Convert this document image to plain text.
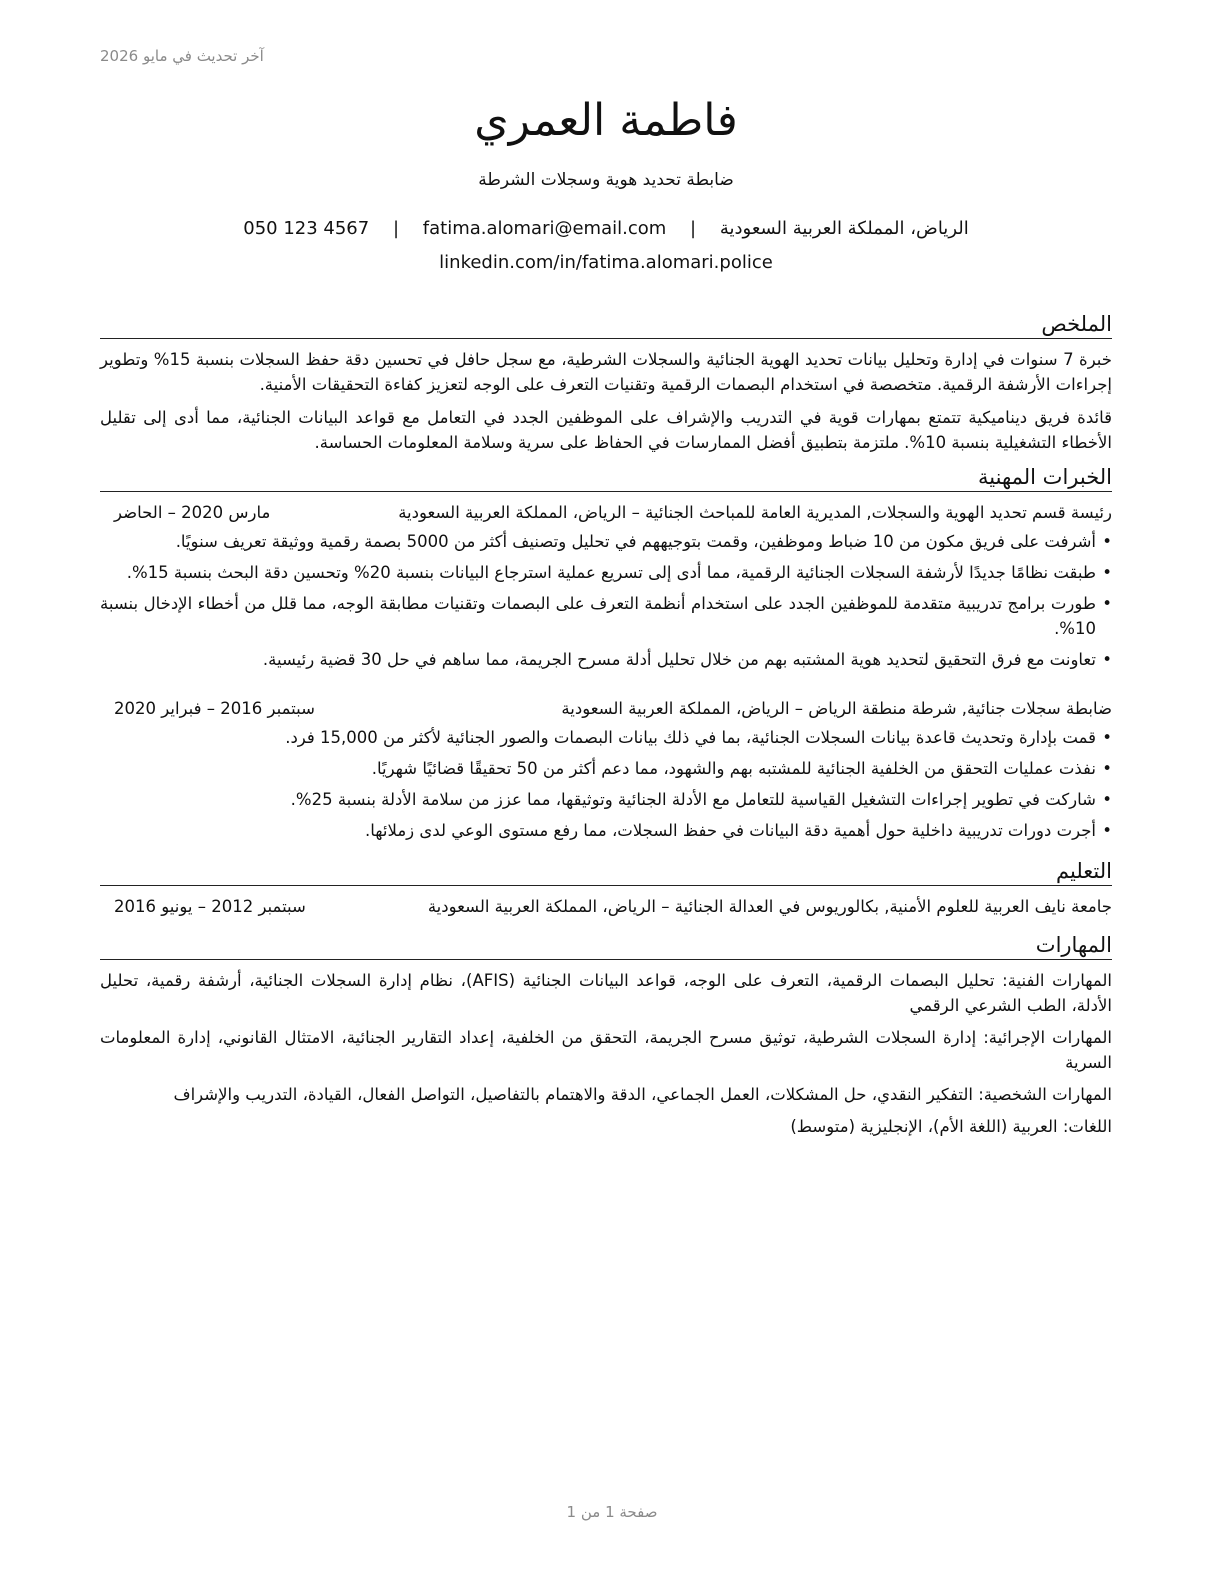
آخر تحديث في مايو 2026
فاطمة العمري
ضابطة تحديد هوية وسجلات الشرطة
الرياض، المملكة العربية السعودية | fatima.alomari@email.com | 050 123 4567
linkedin.com/in/fatima.alomari.police
الملخص

خبرة 7 سنوات في إدارة وتحليل بيانات تحديد الهوية الجنائية والسجلات الشرطية، مع سجل حافل في تحسين دقة حفظ السجلات بنسبة 15% وتطوير إجراءات الأرشفة الرقمية. متخصصة في استخدام البصمات الرقمية وتقنيات التعرف على الوجه لتعزيز كفاءة التحقيقات الأمنية.

قائدة فريق ديناميكية تتمتع بمهارات قوية في التدريب والإشراف على الموظفين الجدد في التعامل مع قواعد البيانات الجنائية، مما أدى إلى تقليل الأخطاء التشغيلية بنسبة 10%. ملتزمة بتطبيق أفضل الممارسات في الحفاظ على سرية وسلامة المعلومات الحساسة.

الخبرات المهنية
رئيسة قسم تحديد الهوية والسجلات, المديرية العامة للمباحث الجنائية – الرياض، المملكة العربية السعودية
مارس 2020 – الحاضر
•
أشرفت على فريق مكون من 10 ضباط وموظفين، وقمت بتوجيههم في تحليل وتصنيف أكثر من 5000 بصمة رقمية ووثيقة تعريف سنويًا.
•
طبقت نظامًا جديدًا لأرشفة السجلات الجنائية الرقمية، مما أدى إلى تسريع عملية استرجاع البيانات بنسبة 20% وتحسين دقة البحث بنسبة 15%.
•
طورت برامج تدريبية متقدمة للموظفين الجدد على استخدام أنظمة التعرف على البصمات وتقنيات مطابقة الوجه، مما قلل من أخطاء الإدخال بنسبة 10%.
•
تعاونت مع فرق التحقيق لتحديد هوية المشتبه بهم من خلال تحليل أدلة مسرح الجريمة، مما ساهم في حل 30 قضية رئيسية.
ضابطة سجلات جنائية, شرطة منطقة الرياض – الرياض، المملكة العربية السعودية
سبتمبر 2016 – فبراير 2020
•
قمت بإدارة وتحديث قاعدة بيانات السجلات الجنائية، بما في ذلك بيانات البصمات والصور الجنائية لأكثر من 15,000 فرد.
•
نفذت عمليات التحقق من الخلفية الجنائية للمشتبه بهم والشهود، مما دعم أكثر من 50 تحقيقًا قضائيًا شهريًا.
•
شاركت في تطوير إجراءات التشغيل القياسية للتعامل مع الأدلة الجنائية وتوثيقها، مما عزز من سلامة الأدلة بنسبة 25%.
•
أجرت دورات تدريبية داخلية حول أهمية دقة البيانات في حفظ السجلات، مما رفع مستوى الوعي لدى زملائها.
التعليم
جامعة نايف العربية للعلوم الأمنية, بكالوريوس في العدالة الجنائية – الرياض، المملكة العربية السعودية
سبتمبر 2012 – يونيو 2016
المهارات

المهارات الفنية: تحليل البصمات الرقمية، التعرف على الوجه، قواعد البيانات الجنائية (AFIS)، نظام إدارة السجلات الجنائية، أرشفة رقمية، تحليل الأدلة، الطب الشرعي الرقمي

المهارات الإجرائية: إدارة السجلات الشرطية، توثيق مسرح الجريمة، التحقق من الخلفية، إعداد التقارير الجنائية، الامتثال القانوني، إدارة المعلومات السرية

المهارات الشخصية: التفكير النقدي، حل المشكلات، العمل الجماعي، الدقة والاهتمام بالتفاصيل، التواصل الفعال، القيادة، التدريب والإشراف

اللغات: العربية (اللغة الأم)، الإنجليزية (متوسط)

صفحة 1 من 1
